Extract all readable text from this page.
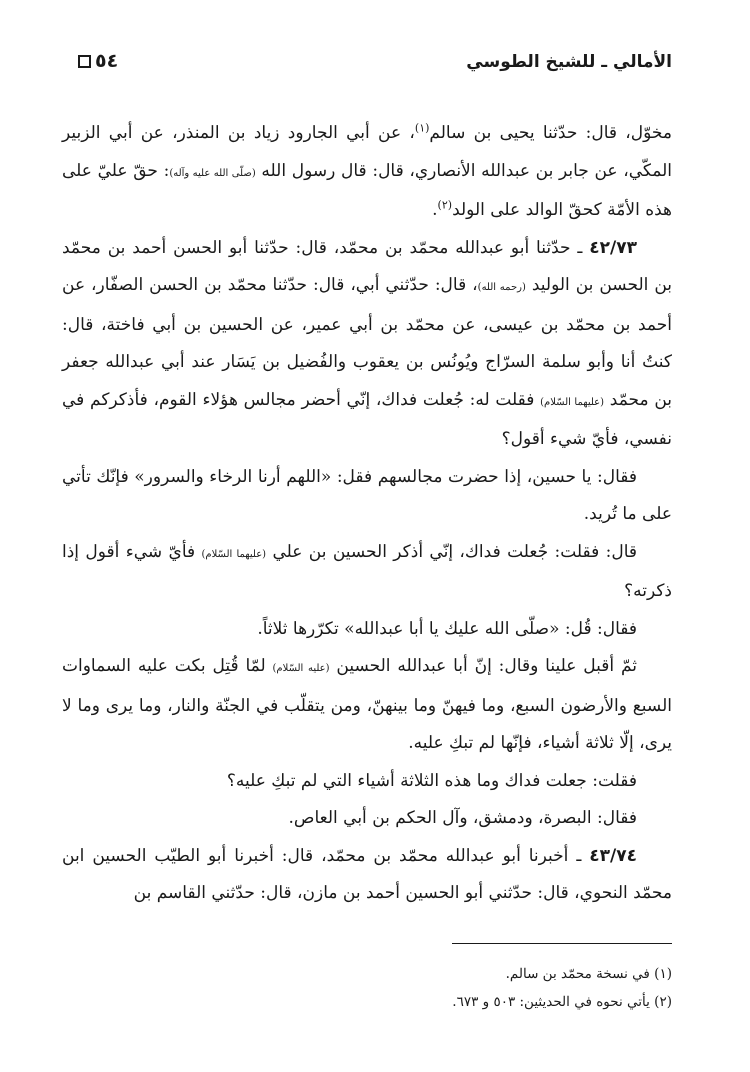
الأمالي ـ للشيخ الطوسي
٥٤

مخوّل، قال: حدّثنا يحيى بن سالم$^{(١)}$، عن أبي الجارود زياد بن المنذر، عن أبي الزبير المكّي، عن جابر بن عبدالله الأنصاري، قال: قال رسول الله (صلّى الله عليه وآله): حقّ عليّ على هذه الأمّة كحقّ الوالد على الولد$^{(٢)}$.

٤٢/٧٣ ـ حدّثنا أبو عبدالله محمّد بن محمّد، قال: حدّثنا أبو الحسن أحمد بن محمّد بن الحسن بن الوليد (رحمه الله)، قال: حدّثني أبي، قال: حدّثنا محمّد بن الحسن الصفّار، عن أحمد بن محمّد بن عيسى، عن محمّد بن أبي عمير، عن الحسين بن أبي فاختة، قال: كنتُ أنا وأبو سلمة السرّاج ويُونُس بن يعقوب والفُضيل بن يَسَار عند أبي عبدالله جعفر بن محمّد (عليهما السّلام) فقلت له: جُعلت فداك، إنّي أحضر مجالس هؤلاء القوم، فأذكركم في نفسي، فأيّ شيء أقول؟

فقال: يا حسين، إذا حضرت مجالسهم فقل: «اللهم أرنا الرخاء والسرور» فإنّك تأتي على ما تُريد.

قال: فقلت: جُعلت فداك، إنّي أذكر الحسين بن علي (عليهما السّلام) فأيّ شيء أقول إذا ذكرته؟

فقال: قُل: «صلّى الله عليك يا أبا عبدالله» تكرّرها ثلاثاً.

ثمّ أقبل علينا وقال: إنّ أبا عبدالله الحسين (عليه السّلام) لمّا قُتِل بكت عليه السماوات السبع والأرضون السبع، وما فيهنّ وما بينهنّ، ومن يتقلّب في الجنّة والنار، وما يرى وما لا يرى، إلّا ثلاثة أشياء، فإنّها لم تبكِ عليه.

فقلت: جعلت فداك وما هذه الثلاثة أشياء التي لم تبكِ عليه؟

فقال: البصرة، ودمشق، وآل الحكم بن أبي العاص.

٤٣/٧٤ ـ أخبرنا أبو عبدالله محمّد بن محمّد، قال: أخبرنا أبو الطيّب الحسين ابن محمّد النحوي، قال: حدّثني أبو الحسين أحمد بن مازن، قال: حدّثني القاسم بن

(١) في نسخة محمّد بن سالم.

(٢) يأتي نحوه في الحديثين: ٥٠٣ و ٦٧٣.
